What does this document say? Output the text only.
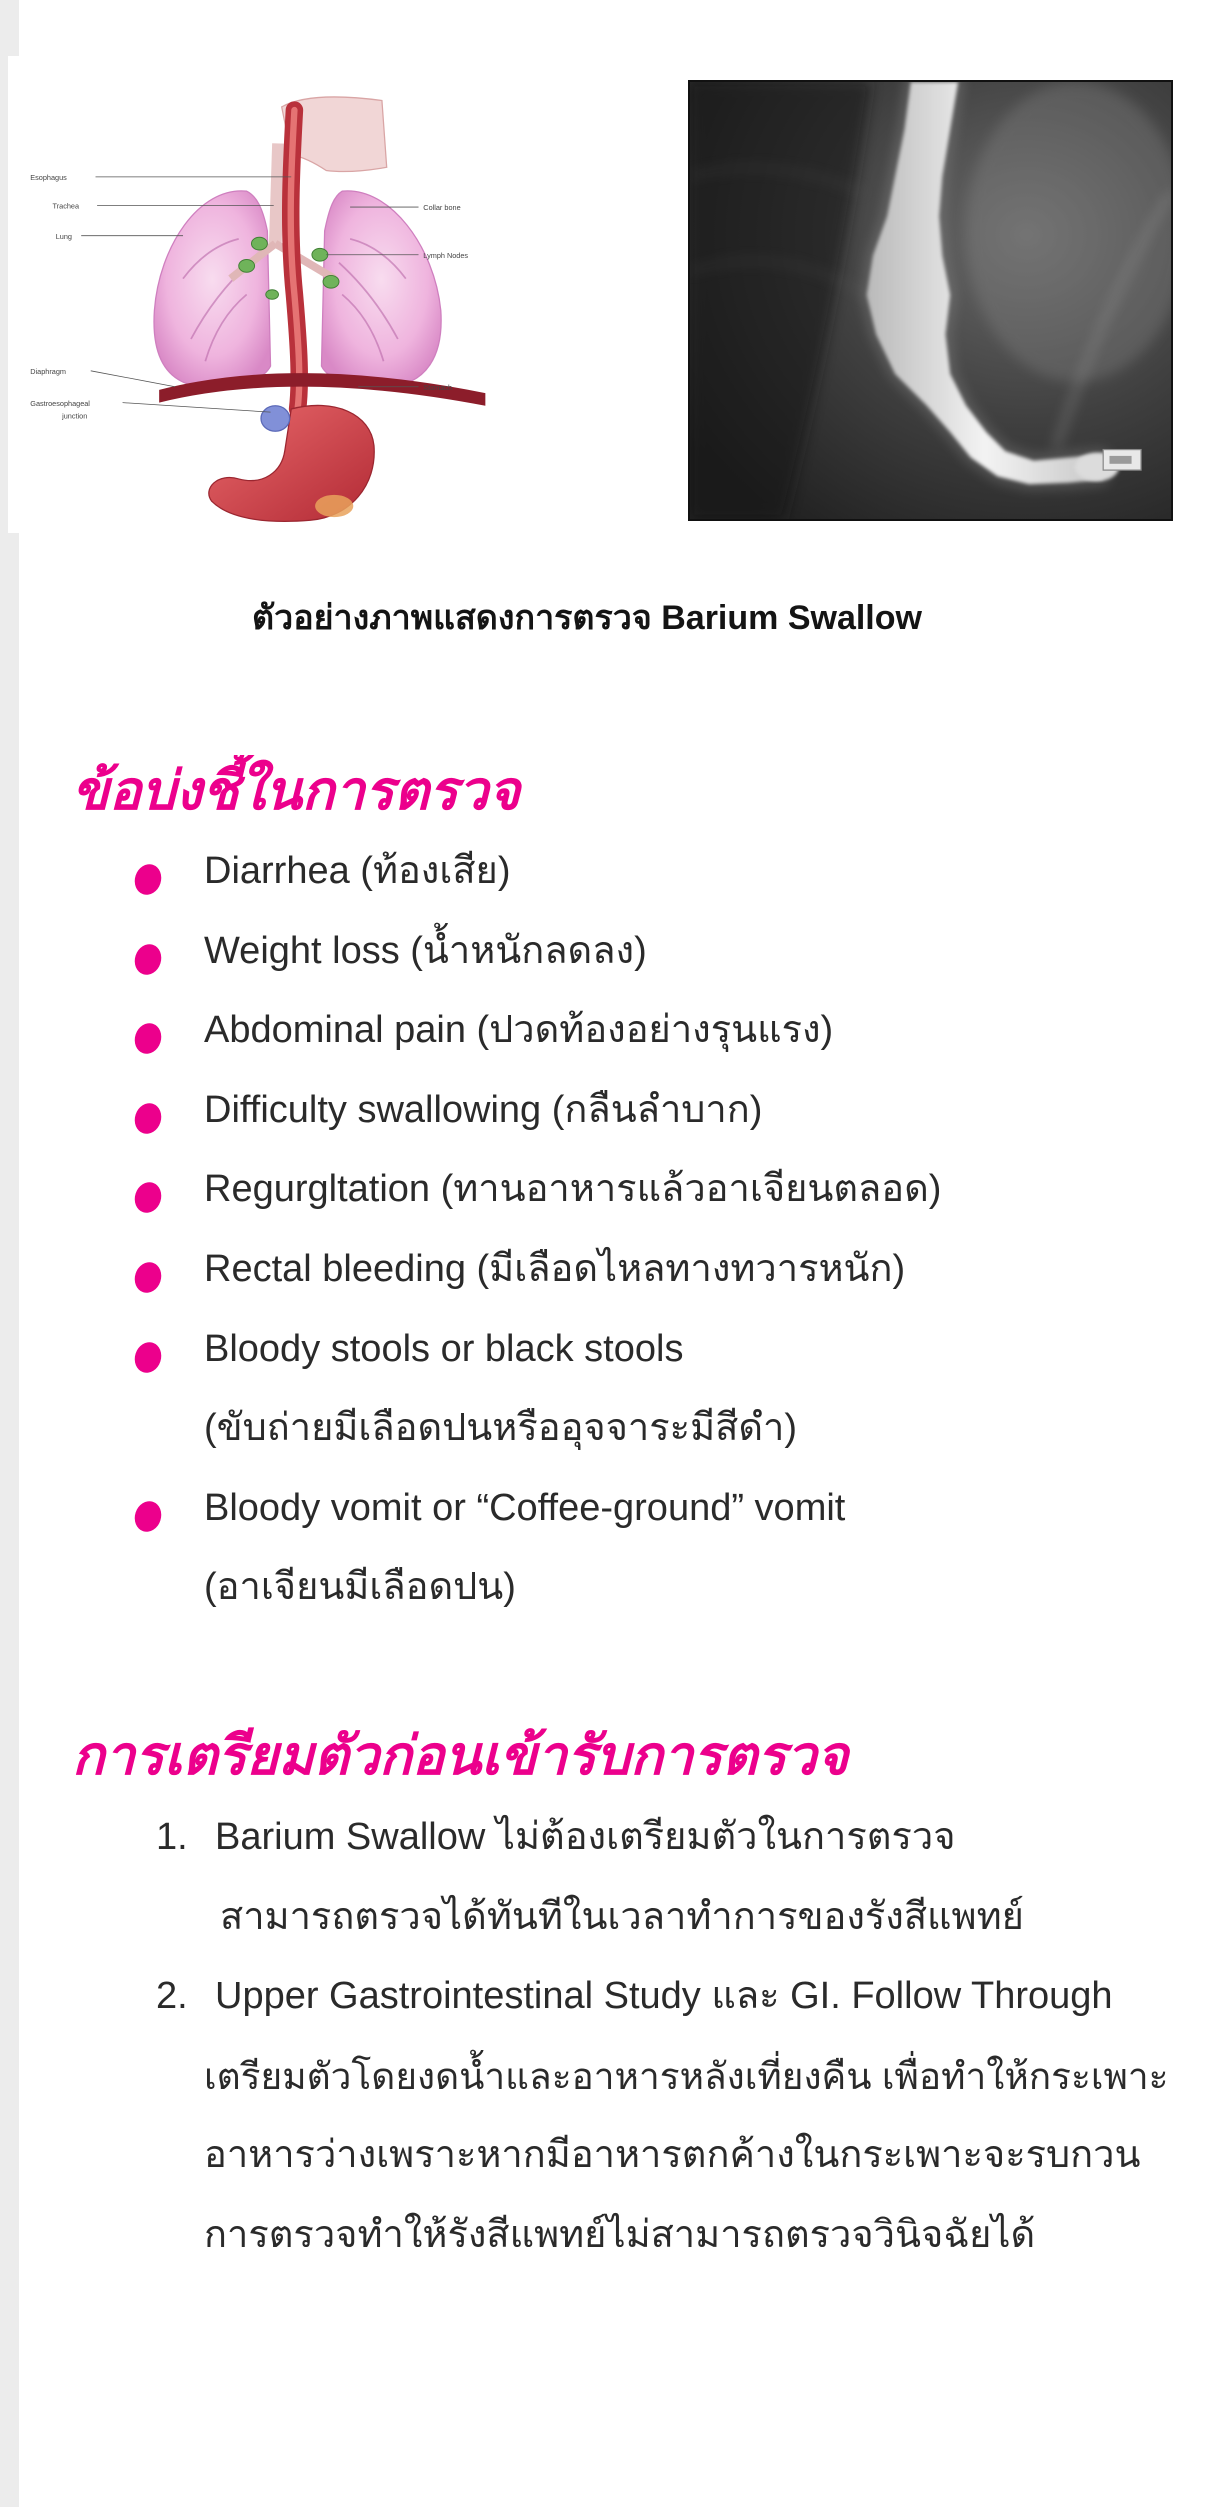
Esophagus
Trachea
Lung
Diaphragm
Gastroesophageal
junction
Collar bone
Lymph Nodes
Stomach
ตัวอย่างภาพแสดงการตรวจ Barium Swallow
ข้อบ่งชี้ในการตรวจ
Diarrhea (ท้องเสีย)
Weight loss (น้ำหนักลดลง)
Abdominal pain (ปวดท้องอย่างรุนแรง)
Difficulty swallowing (กลืนลำบาก)
Regurgltation (ทานอาหารแล้วอาเจียนตลอด)
Rectal bleeding (มีเลือดไหลทางทวารหนัก)
Bloody stools or black stools
(ขับถ่ายมีเลือดปนหรืออุจจาระมีสีดำ)
Bloody vomit or “Coffee-ground” vomit
(อาเจียนมีเลือดปน)
การเตรียมตัวก่อนเข้ารับการตรวจ
1. Barium Swallow ไม่ต้องเตรียมตัวในการตรวจ
สามารถตรวจได้ทันทีในเวลาทำการของรังสีแพทย์
2. Upper Gastrointestinal Study และ GI. Follow Through
เตรียมตัวโดยงดน้ำและอาหารหลังเที่ยงคืน เพื่อทำให้กระเพาะ
อาหารว่างเพราะหากมีอาหารตกค้างในกระเพาะจะรบกวน
การตรวจทำให้รังสีแพทย์ไม่สามารถตรวจวินิจฉัยได้
